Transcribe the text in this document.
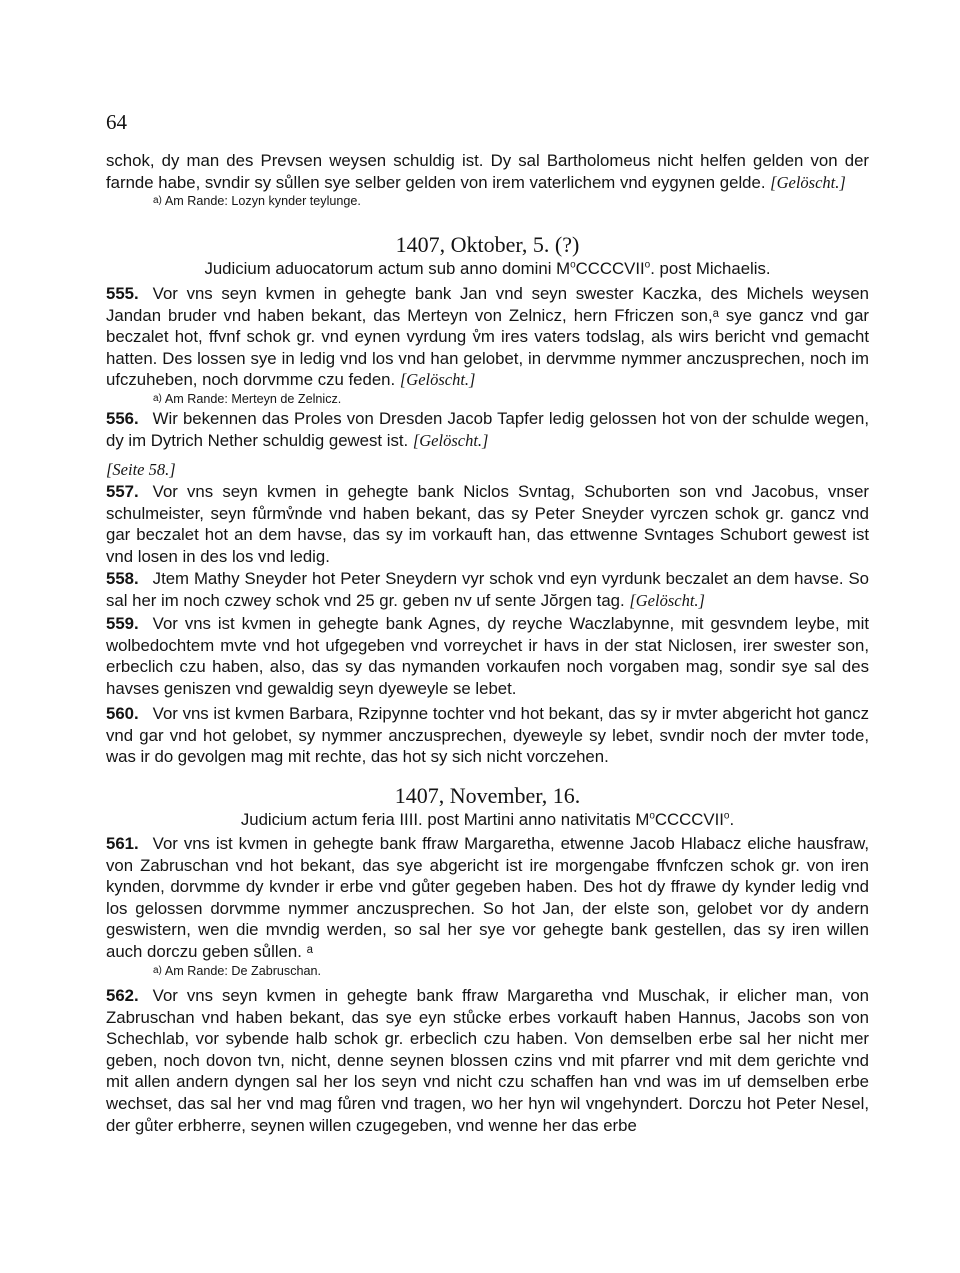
64

schok, dy man des Prevsen weysen schuldig ist. Dy sal Bartholomeus nicht helfen gelden von der farnde habe, svndir sy sůllen sye selber gelden von irem vaterlichem vnd eygynen gelde. [Gelöscht.]

a) Am Rande: Lozyn kynder teylunge.

1407, Oktober, 5. (?)

Judicium aduocatorum actum sub anno domini $M^oCCCCVII^o$. post Michaelis.

555. Vor vns seyn kvmen in gehegte bank Jan vnd seyn swester Kaczka, des Michels weysen Jandan bruder vnd haben bekant, das Merteyn von Zelnicz, hern Ffriczen son,ᵃ sye gancz vnd gar beczalet hot, ffvnf schok gr. vnd eynen vyrdung v̊m ires vaters todslag, als wirs bericht vnd gemacht hatten. Des lossen sye in ledig vnd los vnd han gelobet, in dervmme nymmer anczusprechen, noch im ufczuheben, noch dorvmme czu feden. [Gelöscht.]

a) Am Rande: Merteyn de Zelnicz.

556. Wir bekennen das Proles von Dresden Jacob Tapfer ledig gelossen hot von der schulde wegen, dy im Dytrich Nether schuldig gewest ist. [Gelöscht.]

[Seite 58.]

557. Vor vns seyn kvmen in gehegte bank Niclos Svntag, Schuborten son vnd Jacobus, vnser schulmeister, seyn fůrmv̊nde vnd haben bekant, das sy Peter Sneyder vyrczen schok gr. gancz vnd gar beczalet hot an dem havse, das sy im vorkauft han, das ettwenne Svntages Schubort gewest ist vnd losen in des los vnd ledig.

558. Jtem Mathy Sneyder hot Peter Sneydern vyr schok vnd eyn vyrdunk beczalet an dem havse. So sal her im noch czwey schok vnd 25 gr. geben nv uf sente Jŏrgen tag. [Gelöscht.]

559. Vor vns ist kvmen in gehegte bank Agnes, dy reyche Waczlabynne, mit gesvndem leybe, mit wolbedochtem mvte vnd hot ufgegeben vnd vorreychet ir havs in der stat Niclosen, irer swester son, erbeclich czu haben, also, das sy das nymanden vorkaufen noch vorgaben mag, sondir sye sal des havses geniszen vnd gewaldig seyn dyeweyle se lebet.

560. Vor vns ist kvmen Barbara, Rzipynne tochter vnd hot bekant, das sy ir mvter abgericht hot gancz vnd gar vnd hot gelobet, sy nymmer anczusprechen, dyeweyle sy lebet, svndir noch der mvter tode, was ir do gevolgen mag mit rechte, das hot sy sich nicht vorczehen.

1407, November, 16.

Judicium actum feria IIII. post Martini anno nativitatis $M^oCCCCVII^o$.

561. Vor vns ist kvmen in gehegte bank ffraw Margaretha, etwenne Jacob Hlabacz eliche hausfraw, von Zabruschan vnd hot bekant, das sye abgericht ist ire morgengabe ffvnfczen schok gr. von iren kynden, dorvmme dy kvnder ir erbe vnd gůter gegeben haben. Des hot dy ffrawe dy kynder ledig vnd los gelossen dorvmme nymmer anczusprechen. So hot Jan, der elste son, gelobet vor dy andern geswistern, wen die mvndig werden, so sal her sye vor gehegte bank gestellen, das sy iren willen auch dorczu geben sůllen. ᵃ

a) Am Rande: De Zabruschan.

562. Vor vns seyn kvmen in gehegte bank ffraw Margaretha vnd Muschak, ir elicher man, von Zabruschan vnd haben bekant, das sye eyn stůcke erbes vorkauft haben Hannus, Jacobs son von Schechlab, vor sybende halb schok gr. erbeclich czu haben. Von demselben erbe sal her nicht mer geben, noch dovon tvn, nicht, denne seynen blossen czins vnd mit pfarrer vnd mit dem gerichte vnd mit allen andern dyngen sal her los seyn vnd nicht czu schaffen han vnd was im uf demselben erbe wechset, das sal her vnd mag fůren vnd tragen, wo her hyn wil vngehyndert. Dorczu hot Peter Nesel, der gůter erbherre, seynen willen czugegeben, vnd wenne her das erbe
